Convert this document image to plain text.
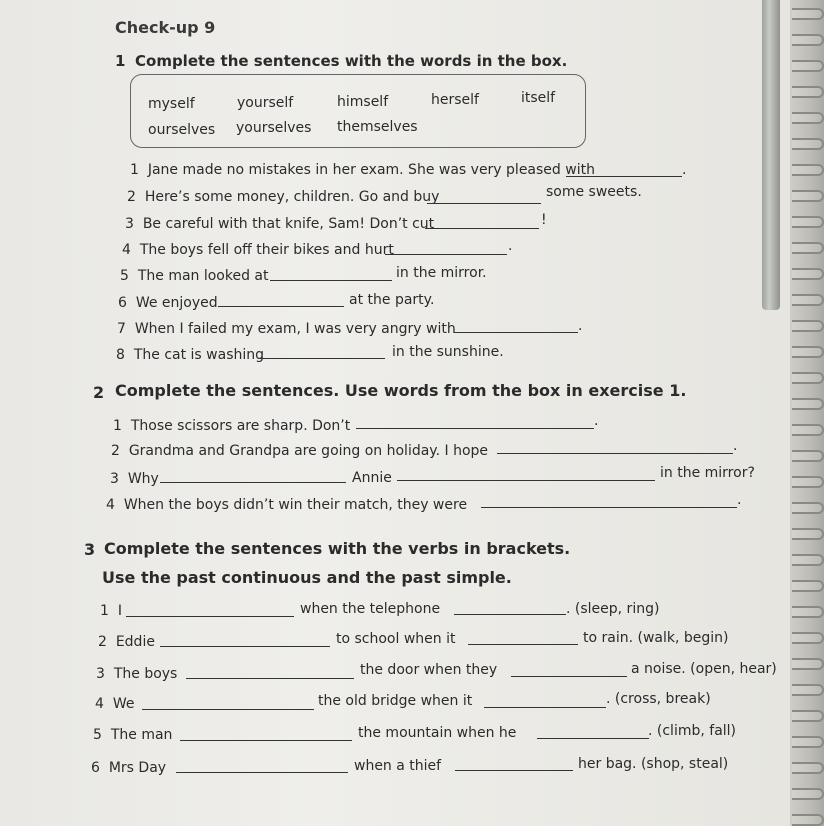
Check-up 9
1 Complete the sentences with the words in the box.
myself	yourself	himself	herself	itself
ourselves yourselves themselves
1 Jane made no mistakes in her exam. She was very pleased with	.
2 Here’s some money, children. Go and buy	some sweets.
3 Be careful with that knife, Sam! Don’t cut	!
4 The boys fell off their bikes and hurt	.
5 The man looked at	in the mirror.
6 We enjoyed	at the party.
7 When I failed my exam, I was very angry with	.
8 The cat is washing	in the sunshine.
2 Complete the sentences. Use words from the box in exercise 1.
1 Those scissors are sharp. Don’t	.
2 Grandma and Grandpa are going on holiday. I hope	.
3 Why	Annie	in the mirror?
4 When the boys didn’t win their match, they were	.
3 Complete the sentences with the verbs in brackets.
Use the past continuous and the past simple.
1 I	when the telephone	. (sleep, ring)
2 Eddie	to school when it	to rain. (walk, begin)
3 The boys	the door when they	a noise. (open, hear)
4 We	the old bridge when it	. (cross, break)
5 The man	the mountain when he	. (climb, fall)
6 Mrs Day	when a thief	her bag. (shop, steal)
